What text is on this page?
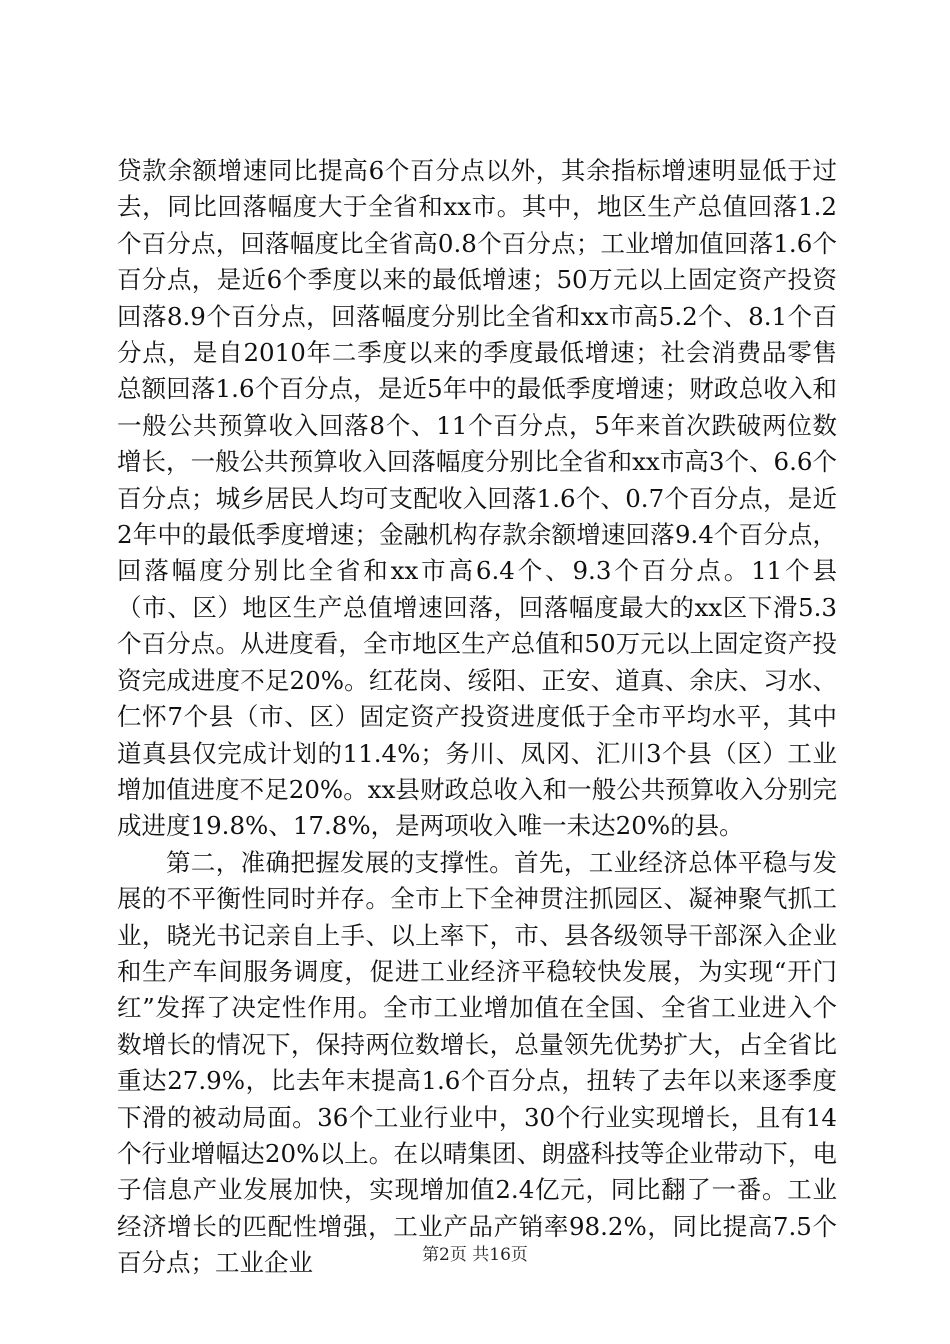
贷款余额增速同比提高6个百分点以外，其余指标增速明显低于过去，同比回落幅度大于全省和xx市。其中，地区生产总值回落1.2个百分点，回落幅度比全省高0.8个百分点；工业增加值回落1.6个百分点，是近6个季度以来的最低增速；50万元以上固定资产投资回落8.9个百分点，回落幅度分别比全省和xx市高5.2个、8.1个百分点，是自2010年二季度以来的季度最低增速；社会消费品零售总额回落1.6个百分点，是近5年中的最低季度增速；财政总收入和一般公共预算收入回落8个、11个百分点，5年来首次跌破两位数增长，一般公共预算收入回落幅度分别比全省和xx市高3个、6.6个百分点；城乡居民人均可支配收入回落1.6个、0.7个百分点，是近2年中的最低季度增速；金融机构存款余额增速回落9.4个百分点，回落幅度分别比全省和xx市高6.4个、9.3个百分点。11个县（市、区）地区生产总值增速回落，回落幅度最大的xx区下滑5.3个百分点。从进度看，全市地区生产总值和50万元以上固定资产投资完成进度不足20%。红花岗、绥阳、正安、道真、余庆、习水、仁怀7个县（市、区）固定资产投资进度低于全市平均水平，其中道真县仅完成计划的11.4%；务川、凤冈、汇川3个县（区）工业增加值进度不足20%。xx县财政总收入和一般公共预算收入分别完成进度19.8%、17.8%，是两项收入唯一未达20%的县。

第二，准确把握发展的支撑性。首先，工业经济总体平稳与发展的不平衡性同时并存。全市上下全神贯注抓园区、凝神聚气抓工业，晓光书记亲自上手、以上率下，市、县各级领导干部深入企业和生产车间服务调度，促进工业经济平稳较快发展，为实现“开门红”发挥了决定性作用。全市工业增加值在全国、全省工业进入个数增长的情况下，保持两位数增长，总量领先优势扩大，占全省比重达27.9%，比去年末提高1.6个百分点，扭转了去年以来逐季度下滑的被动局面。36个工业行业中，30个行业实现增长，且有14个行业增幅达20%以上。在以晴集团、朗盛科技等企业带动下，电子信息产业发展加快，实现增加值2.4亿元，同比翻了一番。工业经济增长的匹配性增强，工业产品产销率98.2%，同比提高7.5个百分点；工业企业	第2页 共16页
